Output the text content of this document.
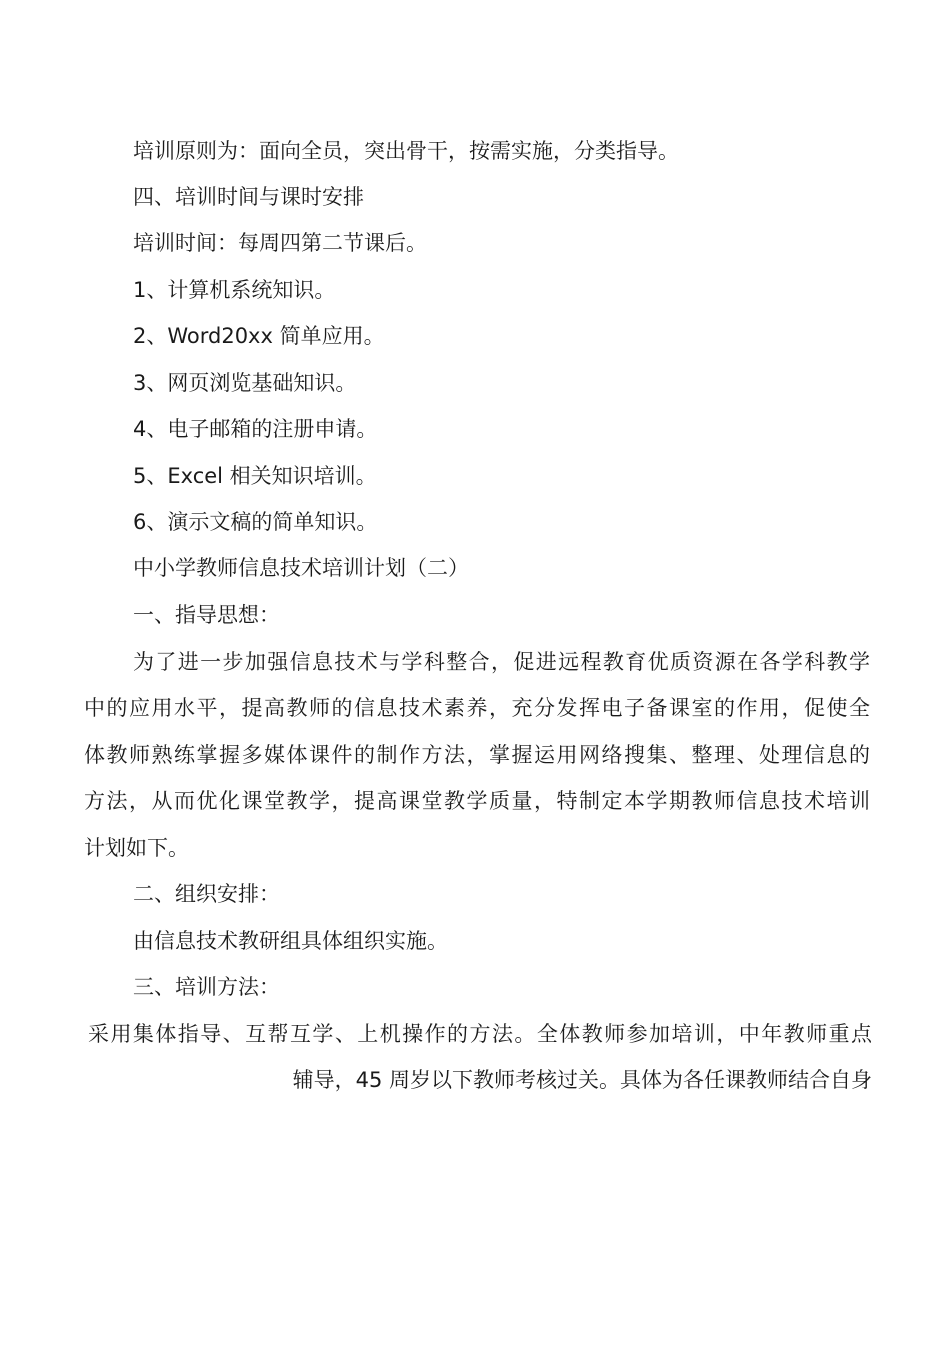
培训原则为：面向全员，突出骨干，按需实施，分类指导。
四、培训时间与课时安排
培训时间：每周四第二节课后。
1、计算机系统知识。
2、Word20xx 简单应用。
3、网页浏览基础知识。
4、电子邮箱的注册申请。
5、Excel 相关知识培训。
6、演示文稿的简单知识。
中小学教师信息技术培训计划（二）
一、指导思想：
为了进一步加强信息技术与学科整合，促进远程教育优质资源在各学科教学
中的应用水平，提高教师的信息技术素养，充分发挥电子备课室的作用，促使全
体教师熟练掌握多媒体课件的制作方法，掌握运用网络搜集、整理、处理信息的
方法，从而优化课堂教学，提高课堂教学质量，特制定本学期教师信息技术培训
计划如下。
二、组织安排：
由信息技术教研组具体组织实施。
三、培训方法：
采用集体指导、互帮互学、上机操作的方法。全体教师参加培训，中年教师重点
辅导，45 周岁以下教师考核过关。具体为各任课教师结合自身
